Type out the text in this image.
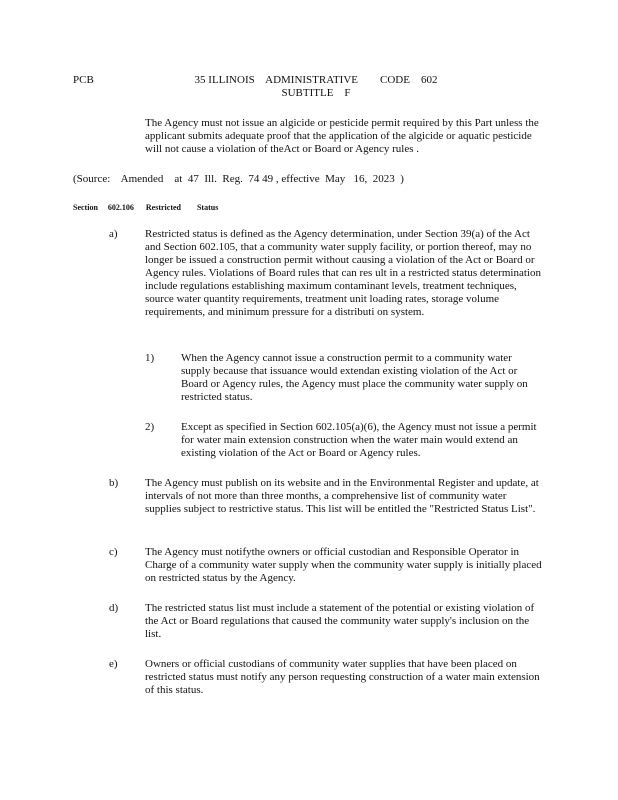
PCB	35 ILLINOIS    ADMINISTRATIVE        CODE    602
SUBTITLE    F

The Agency must not issue an algicide or pesticide permit required by this Part unless the applicant submits adequate proof that the application of the algicide or aquatic pesticide will not cause a violation of theAct or Board or Agency rules .

(Source:    Amended    at  47  Ill.  Reg.  74 49 , effective  May   16,  2023  )
Section     602.106      Restricted        Status
a) Restricted status is defined as the Agency determination, under Section 39(a) of the Act and Section 602.105, that a community water supply facility, or portion thereof, may no longer be issued a construction permit without causing a violation of the Act or Board or Agency rules. Violations of Board rules that can res ult in a restricted status determination include regulations establishing maximum contaminant levels, treatment techniques, source water quantity requirements, treatment unit loading rates, storage volume requirements, and minimum pressure for a distributi on system.

1) When the Agency cannot issue a construction permit to a community water supply because that issuance would extendan existing violation of the Act or Board or Agency rules, the Agency must place the community water supply on restricted status.

2) Except as specified in Section 602.105(a)(6), the Agency must not issue a permit for water main extension construction when the water main would extend an existing violation of the Act or Board or Agency rules.

b) The Agency must publish on its website and in the Environmental Register and update, at intervals of not more than three months, a comprehensive list of community water supplies subject to restrictive status. This list will be entitled the "Restricted Status List".

c) The Agency must notifythe owners or official custodian and Responsible Operator in Charge of a community water supply when the community water supply is initially placed on restricted status by the Agency.

d) The restricted status list must include a statement of the potential or existing violation of the Act or Board regulations that caused the community water supply's inclusion on the list.

e) Owners or official custodians of community water supplies that have been placed on restricted status must notify any person requesting construction of a water main extension of this status.
